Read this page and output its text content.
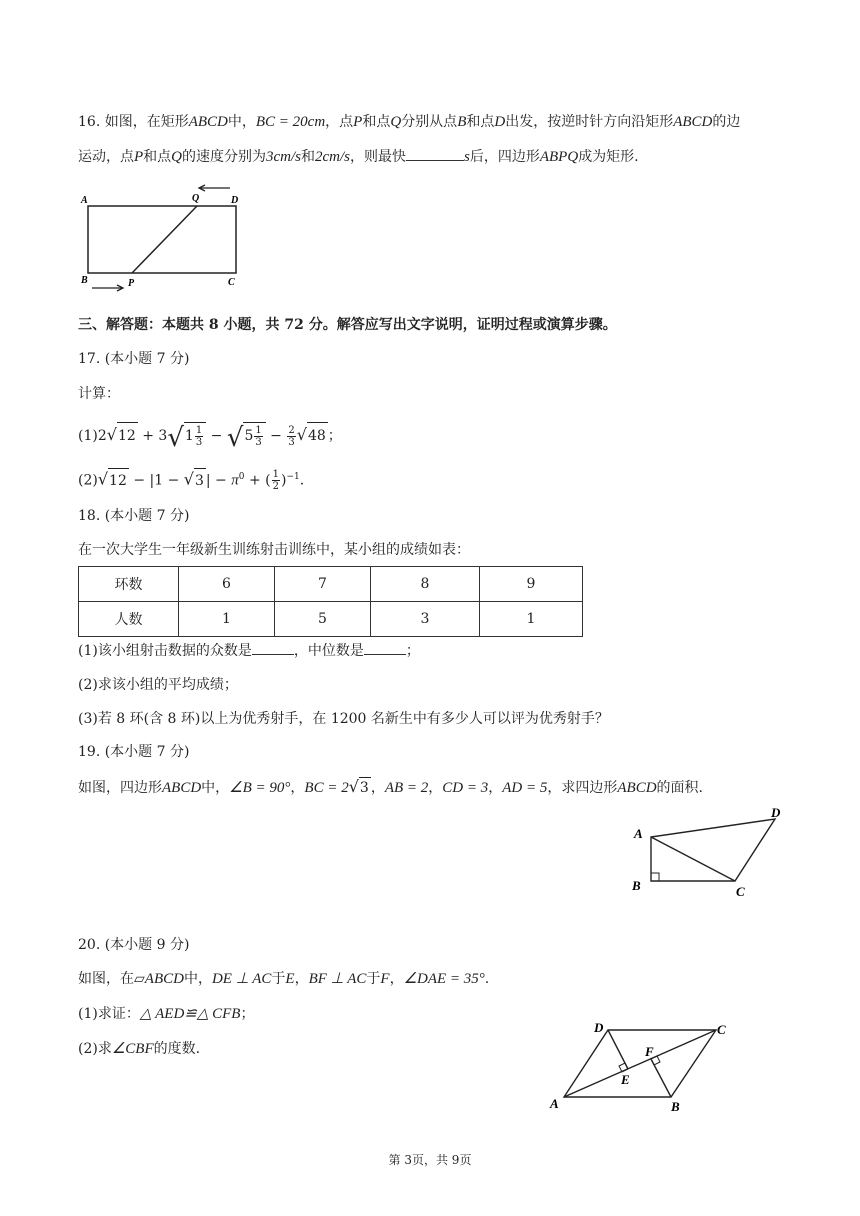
16. 如图，在矩形ABCD中，BC = 20cm，点P和点Q分别从点B和点D出发，按逆时针方向沿矩形ABCD的边
运动，点P和点Q的速度分别为3cm/s和2cm/s，则最快	s后，四边形ABPQ成为矩形.
A
B	C
D
P
Q
三、解答题：本题共 8 小题，共 72 分。解答应写出文字说明，证明过程或演算步骤。
17. (本小题 7 分)
计算：
$(1)2√12 + 3√1 \frac{1}{3} - √5 \frac{1}{3} - \frac{2}{3} √48$ ；
(2)√12 − |1 − √3 | − $\pi^0$ + ( $\frac{1}{2} )^{-1}$.
18. (本小题 7 分)
在一次大学生一年级新生训练射击训练中，某小组的成绩如表：
环数	6	7	8	9
人数	1	5	3	1
(1)该小组射击数据的众数是	，中位数是	；
(2)求该小组的平均成绩；
(3)若 8 环(含 8 环)以上为优秀射手，在 1200 名新生中有多少人可以评为优秀射手？
19. (本小题 7 分)
如图，四边形ABCD中，∠B = 90°，BC = 2√3 ，AB = 2，CD = 3，AD = 5，求四边形ABCD的面积.
A
B	C
D
20. (本小题 9 分)
如图，在▱ABCD中，DE ⊥ AC于E，BF ⊥ AC于F，∠DAE = 35°.
(1)求证：△ AED≌△ CFB；
(2)求∠CBF的度数.
A	B
C
D
E
F
第 3页，共 9页
